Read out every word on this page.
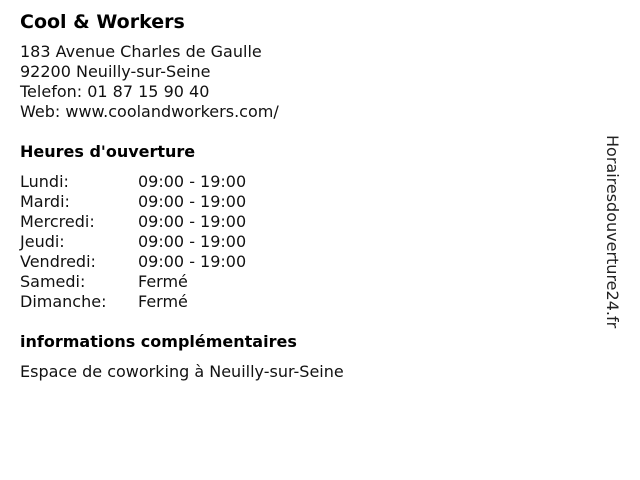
Cool & Workers
183 Avenue Charles de Gaulle
92200 Neuilly-sur-Seine
Telefon: 01 87 15 90 40
Web: www.coolandworkers.com/
Heures d'ouverture
Lundi:	09:00 - 19:00
Mardi:	09:00 - 19:00
Mercredi:	09:00 - 19:00
Jeudi:	09:00 - 19:00
Vendredi:	09:00 - 19:00
Samedi:	Fermé
Dimanche:	Fermé
informations complémentaires
Espace de coworking à Neuilly-sur-Seine
Horairesdouverture24.fr
